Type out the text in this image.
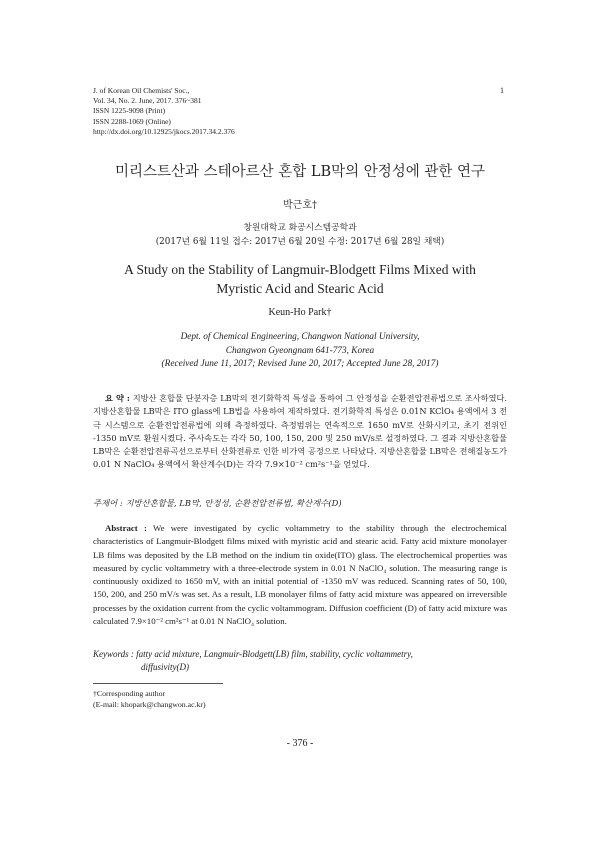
J. of Korean Oil Chemists' Soc.,
Vol. 34, No. 2. June, 2017. 376~381
ISSN 1225-9098 (Print)
ISSN 2288-1069 (Online)
http://dx.doi.org/10.12925/jkocs.2017.34.2.376
1
미리스트산과 스테아르산 혼합 LB막의 안정성에 관한 연구
박근호†
창원대학교 화공시스템공학과
(2017년 6월 11일 접수: 2017년 6월 20일 수정: 2017년 6월 28일 채택)
A Study on the Stability of Langmuir-Blodgett Films Mixed with
Myristic Acid and Stearic Acid
Keun-Ho Park†
Dept. of Chemical Engineering, Changwon National University,
Changwon Gyeongnam 641-773, Korea
(Received June 11, 2017; Revised June 20, 2017; Accepted June 28, 2017)
요 약 : 지방산 혼합물 단분자층 LB막의 전기화학적 특성을 통하여 그 안정성을 순환전압전류법으로 조사하였다. 지방산혼합물 LB막은 ITO glass에 LB법을 사용하여 제작하였다. 전기화학적 특성은 0.01N KClO₄ 용액에서 3 전극 시스템으로 순환전압전류법에 의해 측정하였다. 측정범위는 연속적으로 1650 mV로 산화시키고, 초기 전위인 -1350 mV로 환원시켰다. 주사속도는 각각 50, 100, 150, 200 및 250 mV/s로 설정하였다. 그 결과 지방산혼합물 LB막은 순환전압전류곡선으로부터 산화전류로 인한 비가역 공정으로 나타났다. 지방산혼합물 LB막은 전해질농도가 0.01 N NaClO₄ 용액에서 확산계수(D)는 각각 7.9×10⁻² cm²s⁻¹을 얻었다.
주제어 : 지방산혼합물, LB막, 안정성, 순환전압전류법, 확산계수(D)
Abstract : We were investigated by cyclic voltammetry to the stability through the electrochemical characteristics of Langmuir-Blodgett films mixed with myristic acid and stearic acid. Fatty acid mixture monolayer LB films was deposited by the LB method on the indium tin oxide(ITO) glass. The electrochemical properties was measured by cyclic voltammetry with a three-electrode system in 0.01 N NaClO₄ solution. The measuring range is continuously oxidized to 1650 mV, with an initial potential of -1350 mV was reduced. Scanning rates of 50, 100, 150, 200, and 250 mV/s was set. As a result, LB monolayer films of fatty acid mixture was appeared on irreversible processes by the oxidation current from the cyclic voltammogram. Diffusion coefficient (D) of fatty acid mixture was calculated 7.9×10⁻² cm²s⁻¹ at 0.01 N NaClO₄ solution.
Keywords : fatty acid mixture, Langmuir-Blodgett(LB) film, stability, cyclic voltammetry,
diffusivity(D)
†Corresponding author
(E-mail: khopark@changwon.ac.kr)
- 376 -
